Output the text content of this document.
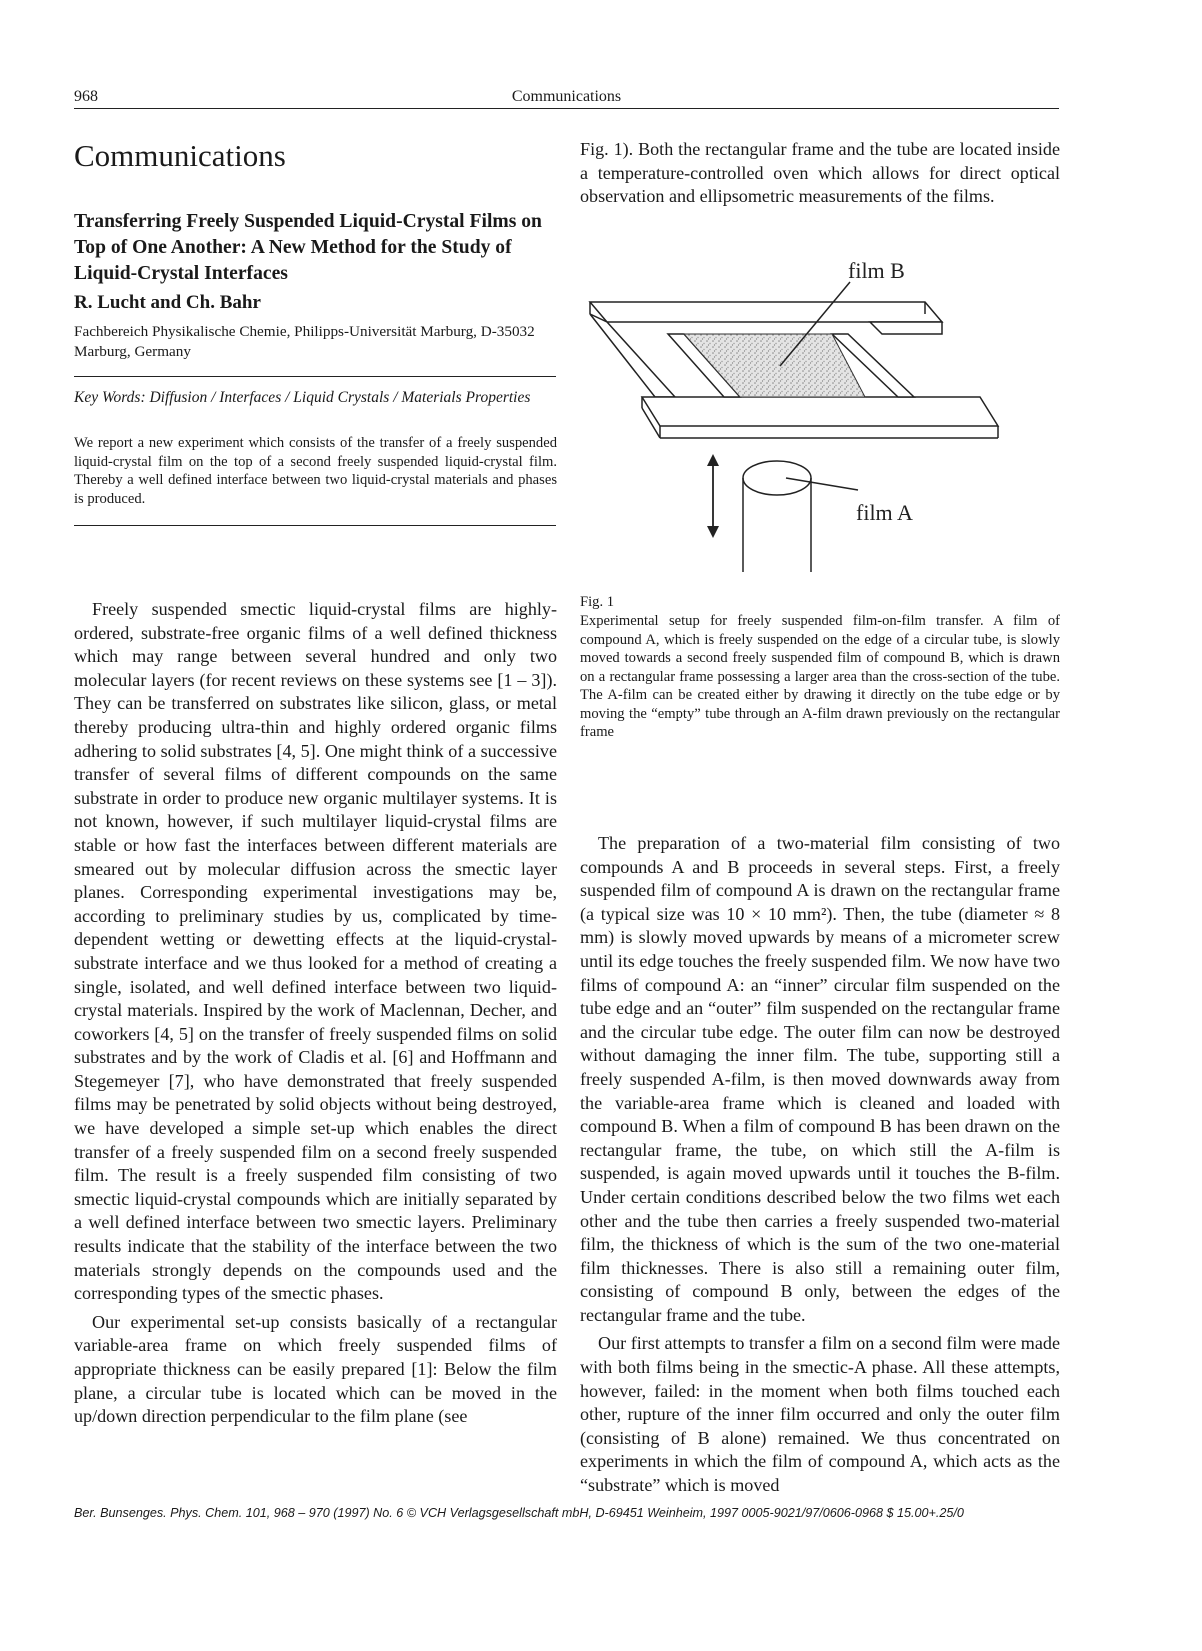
968	Communications
Communications
Transferring Freely Suspended Liquid-Crystal Films on Top of One Another: A New Method for the Study of Liquid-Crystal Interfaces
R. Lucht and Ch. Bahr
Fachbereich Physikalische Chemie, Philipps-Universität Marburg, D-35032 Marburg, Germany
Key Words: Diffusion / Interfaces / Liquid Crystals / Materials Properties
We report a new experiment which consists of the transfer of a freely suspended liquid-crystal film on the top of a second freely suspended liquid-crystal film. Thereby a well defined interface between two liquid-crystal materials and phases is produced.

Freely suspended smectic liquid-crystal films are highly-ordered, substrate-free organic films of a well defined thickness which may range between several hundred and only two molecular layers (for recent reviews on these systems see [1 – 3]). They can be transferred on substrates like silicon, glass, or metal thereby producing ultra-thin and highly ordered organic films adhering to solid substrates [4, 5]. One might think of a successive transfer of several films of different compounds on the same substrate in order to produce new organic multilayer systems. It is not known, however, if such multilayer liquid-crystal films are stable or how fast the interfaces between different materials are smeared out by molecular diffusion across the smectic layer planes. Corresponding experimental investigations may be, according to preliminary studies by us, complicated by time-dependent wetting or dewetting effects at the liquid-crystal-substrate interface and we thus looked for a method of creating a single, isolated, and well defined interface between two liquid-crystal materials. Inspired by the work of Maclennan, Decher, and coworkers [4, 5] on the transfer of freely suspended films on solid substrates and by the work of Cladis et al. [6] and Hoffmann and Stegemeyer [7], who have demonstrated that freely suspended films may be penetrated by solid objects without being destroyed, we have developed a simple set-up which enables the direct transfer of a freely suspended film on a second freely suspended film. The result is a freely suspended film consisting of two smectic liquid-crystal compounds which are initially separated by a well defined interface between two smectic layers. Preliminary results indicate that the stability of the interface between the two materials strongly depends on the compounds used and the corresponding types of the smectic phases.

Our experimental set-up consists basically of a rectangular variable-area frame on which freely suspended films of appropriate thickness can be easily prepared [1]: Below the film plane, a circular tube is located which can be moved in the up/down direction perpendicular to the film plane (see

Fig. 1). Both the rectangular frame and the tube are located inside a temperature-controlled oven which allows for direct optical observation and ellipsometric measurements of the films.

film B
film A
Fig. 1
Experimental setup for freely suspended film-on-film transfer. A film of compound A, which is freely suspended on the edge of a circular tube, is slowly moved towards a second freely suspended film of compound B, which is drawn on a rectangular frame possessing a larger area than the cross-section of the tube. The A-film can be created either by drawing it directly on the tube edge or by moving the “empty” tube through an A-film drawn previously on the rectangular frame

The preparation of a two-material film consisting of two compounds A and B proceeds in several steps. First, a freely suspended film of compound A is drawn on the rectangular frame (a typical size was 10 × 10 mm²). Then, the tube (diameter ≈ 8 mm) is slowly moved upwards by means of a micrometer screw until its edge touches the freely suspended film. We now have two films of compound A: an “inner” circular film suspended on the tube edge and an “outer” film suspended on the rectangular frame and the circular tube edge. The outer film can now be destroyed without damaging the inner film. The tube, supporting still a freely suspended A-film, is then moved downwards away from the variable-area frame which is cleaned and loaded with compound B. When a film of compound B has been drawn on the rectangular frame, the tube, on which still the A-film is suspended, is again moved upwards until it touches the B-film. Under certain conditions described below the two films wet each other and the tube then carries a freely suspended two-material film, the thickness of which is the sum of the two one-material film thicknesses. There is also still a remaining outer film, consisting of compound B only, between the edges of the rectangular frame and the tube.

Our first attempts to transfer a film on a second film were made with both films being in the smectic-A phase. All these attempts, however, failed: in the moment when both films touched each other, rupture of the inner film occurred and only the outer film (consisting of B alone) remained. We thus concentrated on experiments in which the film of compound A, which acts as the “substrate” which is moved

Ber. Bunsenges. Phys. Chem. 101, 968 – 970 (1997) No. 6 © VCH Verlagsgesellschaft mbH, D-69451 Weinheim, 1997 0005-9021/97/0606-0968 $ 15.00+.25/0
